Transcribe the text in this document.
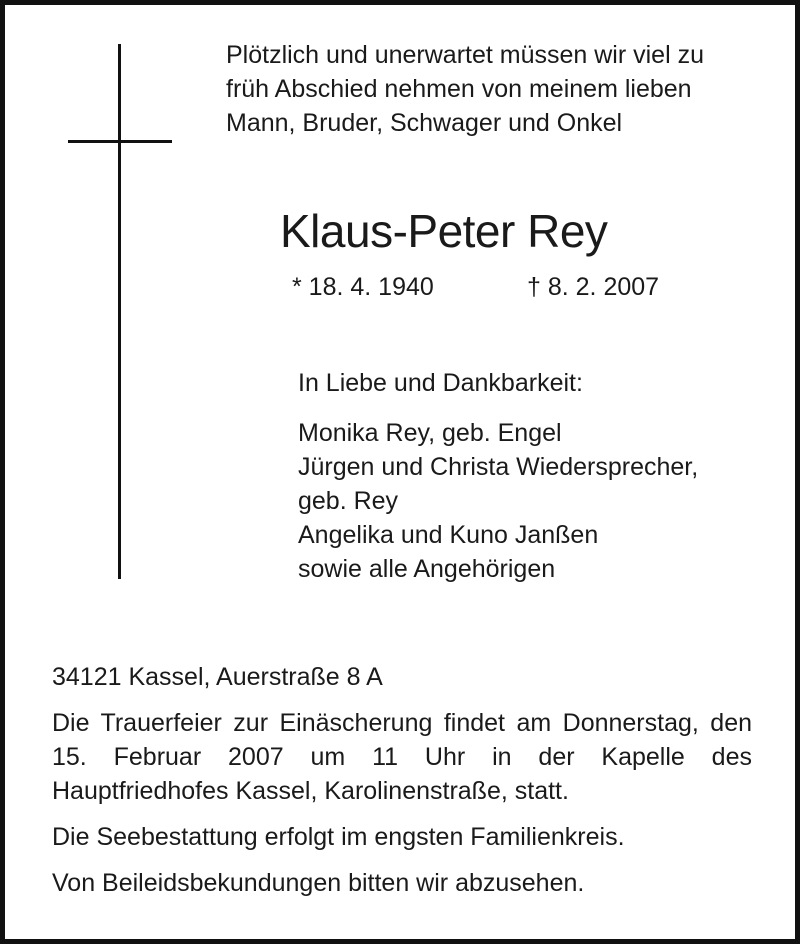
Plötzlich und unerwartet müssen wir viel zu

früh Abschied nehmen von meinem lieben

Mann, Bruder, Schwager und Onkel

Klaus-Peter Rey
* 18. 4. 1940	† 8. 2. 2007

In Liebe und Dankbarkeit:

Monika Rey, geb. Engel

Jürgen und Christa Wiedersprecher,

geb. Rey

Angelika und Kuno Janßen

sowie alle Angehörigen

34121 Kassel, Auerstraße 8 A

Die Trauerfeier zur Einäscherung findet am Donnerstag, den 15. Februar 2007 um 11 Uhr in der Kapelle des Hauptfriedhofes Kassel, Karolinenstraße, statt.

Die Seebestattung erfolgt im engsten Familienkreis.

Von Beileidsbekundungen bitten wir abzusehen.
